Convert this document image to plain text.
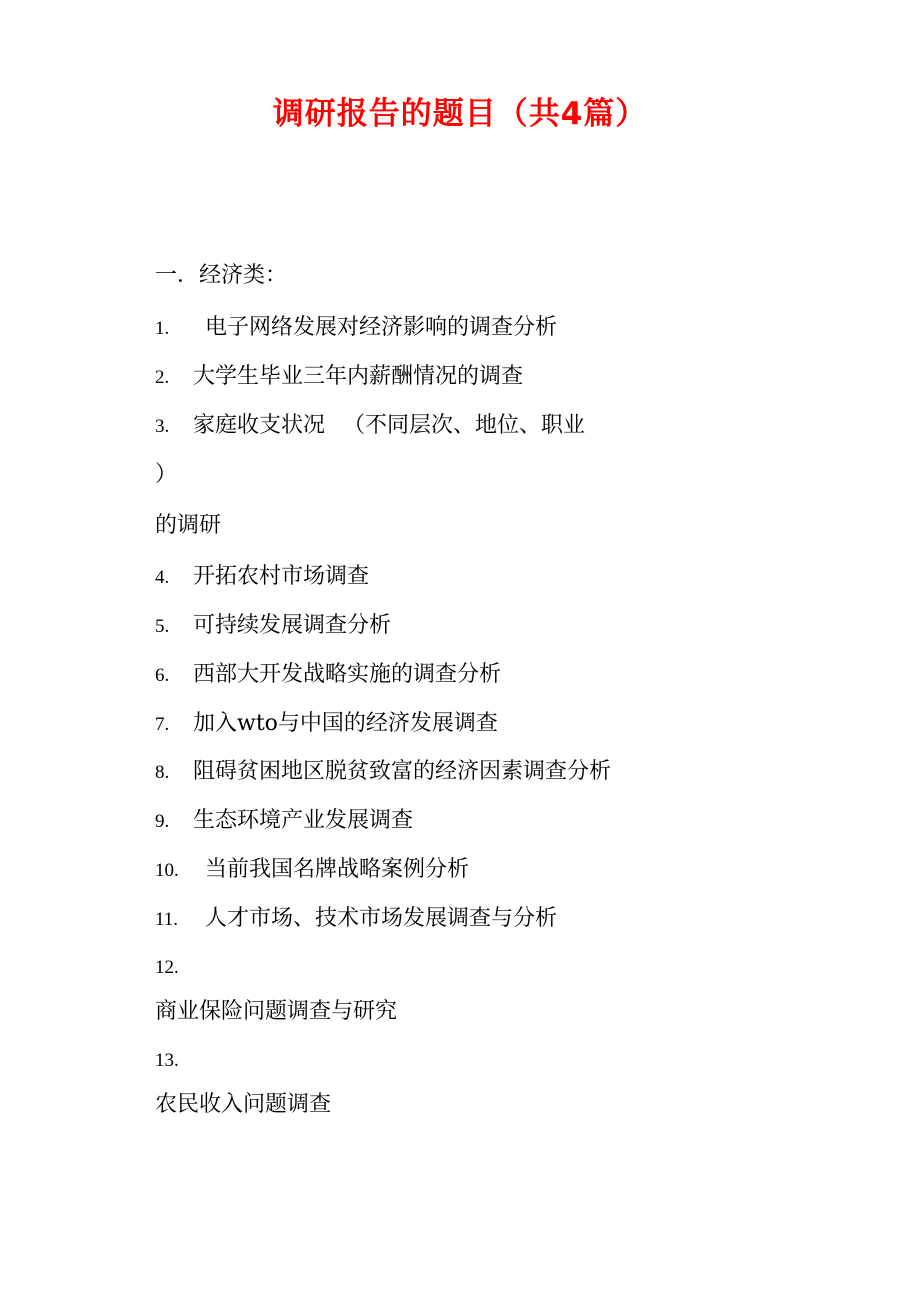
调研报告的题目（共4篇）
一．经济类：
1. 电子网络发展对经济影响的调查分析
2. 大学生毕业三年内薪酬情况的调查
3. 家庭收支状况 （不同层次、地位、职业
）
的调研
4. 开拓农村市场调查
5. 可持续发展调查分析
6. 西部大开发战略实施的调查分析
7. 加入wto与中国的经济发展调查
8. 阻碍贫困地区脱贫致富的经济因素调查分析
9. 生态环境产业发展调查
10. 当前我国名牌战略案例分析
11. 人才市场、技术市场发展调查与分析
12.
商业保险问题调查与研究
13.
农民收入问题调查
